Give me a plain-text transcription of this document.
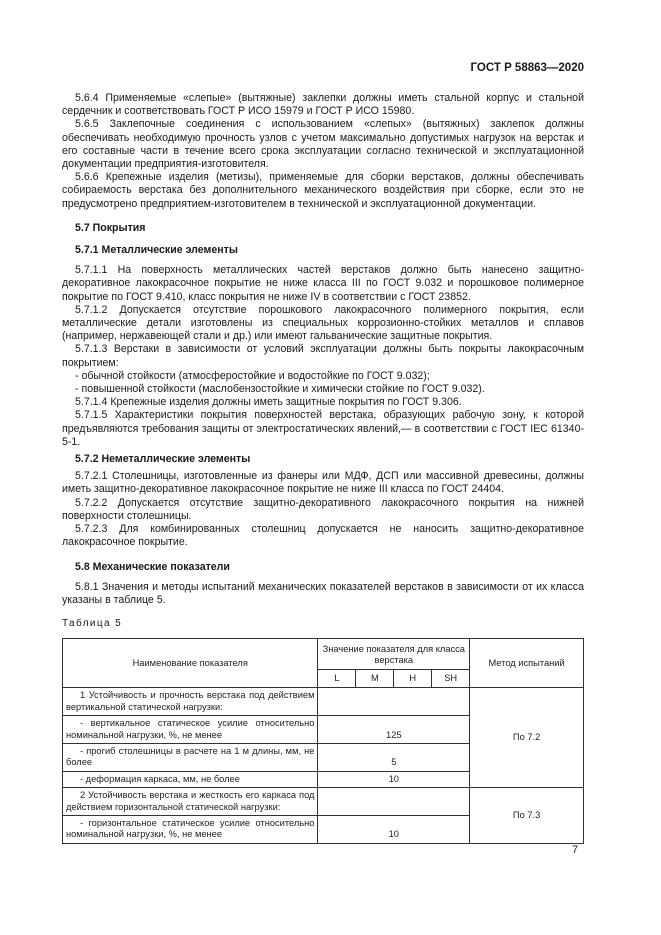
ГОСТ Р 58863—2020

5.6.4 Применяемые «слепые» (вытяжные) заклепки должны иметь стальной корпус и стальной сердечник и соответствовать ГОСТ Р ИСО 15979 и ГОСТ Р ИСО 15980.

5.6.5 Заклепочные соединения с использованием «слепых» (вытяжных) заклепок должны обеспечивать необходимую прочность узлов с учетом максимально допустимых нагрузок на верстак и его составные части в течение всего срока эксплуатации согласно технической и эксплуатационной документации предприятия-изготовителя.

5.6.6 Крепежные изделия (метизы), применяемые для сборки верстаков, должны обеспечивать собираемость верстака без дополнительного механического воздействия при сборке, если это не предусмотрено предприятием-изготовителем в технической и эксплуатационной документации.

5.7 Покрытия
5.7.1 Металлические элементы

5.7.1.1 На поверхность металлических частей верстаков должно быть нанесено защитно-декоративное лакокрасочное покрытие не ниже класса III по ГОСТ 9.032 и порошковое полимерное покрытие по ГОСТ 9.410, класс покрытия не ниже IV в соответствии с ГОСТ 23852.

5.7.1.2 Допускается отсутствие порошкового лакокрасочного полимерного покрытия, если металлические детали изготовлены из специальных коррозионно-стойких металлов и сплавов (например, нержавеющей стали и др.) или имеют гальванические защитные покрытия.

5.7.1.3 Верстаки в зависимости от условий эксплуатации должны быть покрыты лакокрасочным покрытием:

- обычной стойкости (атмосферостойкие и водостойкие по ГОСТ 9.032);

- повышенной стойкости (маслобензостойкие и химически стойкие по ГОСТ 9.032).

5.7.1.4 Крепежные изделия должны иметь защитные покрытия по ГОСТ 9.306.

5.7.1.5 Характеристики покрытия поверхностей верстака, образующих рабочую зону, к которой предъявляются требования защиты от электростатических явлений,— в соответствии с ГОСТ IEC 61340-5-1.

5.7.2 Неметаллические элементы

5.7.2.1 Столешницы, изготовленные из фанеры или МДФ, ДСП или массивной древесины, должны иметь защитно-декоративное лакокрасочное покрытие не ниже III класса по ГОСТ 24404.

5.7.2.2 Допускается отсутствие защитно-декоративного лакокрасочного покрытия на нижней поверхности столешницы.

5.7.2.3 Для комбинированных столешниц допускается не наносить защитно-декоративное лакокрасочное покрытие.

5.8 Механические показатели

5.8.1 Значения и методы испытаний механических показателей верстаков в зависимости от их класса указаны в таблице 5.

Таблица 5
Наименование показателя	Значение показателя для класса верстака				Метод испытаний
	L	M	H	SH	
1 Устойчивость и прочность верстака под действием вертикальной статической нагрузки:					По 7.2
- вертикальное статическое усилие относительно номинальной нагрузки, %, не менее	125				
- прогиб столешницы в расчете на 1 м длины, мм, не более	5				
- деформация каркаса, мм, не более	10				
2 Устойчивость верстака и жесткость его каркаса под действием горизонтальной статической нагрузки:					По 7.3
- горизонтальное статическое усилие относительно номинальной нагрузки, %, не менее	10				
7
